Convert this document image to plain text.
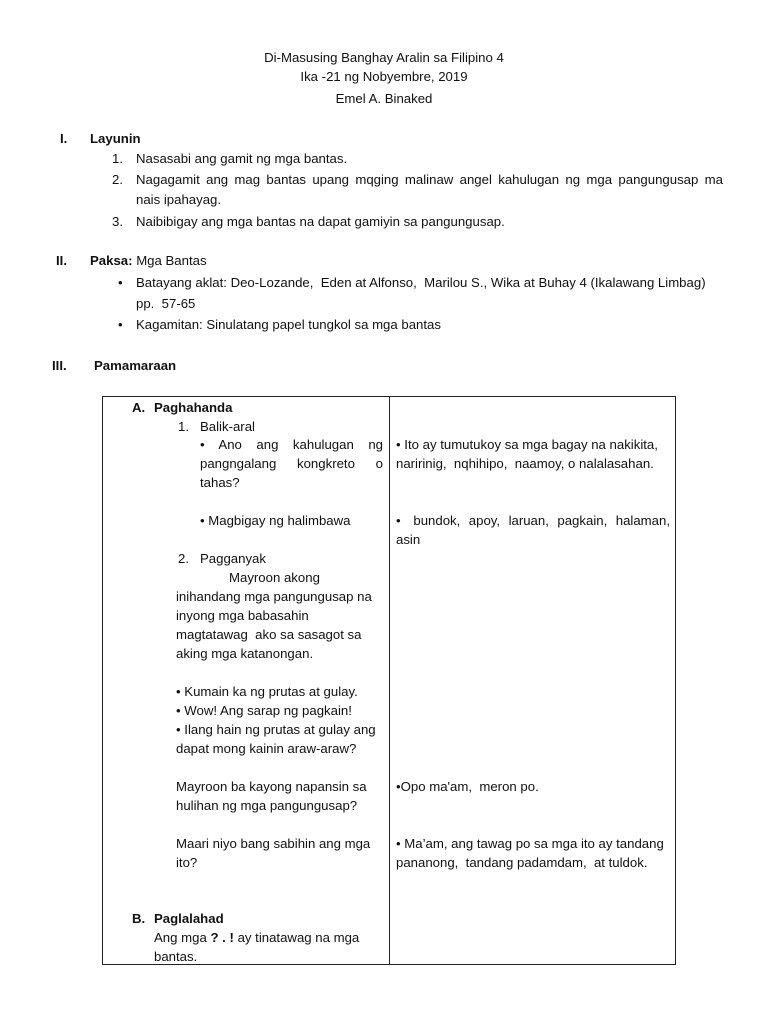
Di-Masusing Banghay Aralin sa Filipino 4
Ika -21 ng Nobyembre, 2019
Emel A. Binaked
I. Layunin
1. Nasasabi ang gamit ng mga bantas.
2. Nagagamit ang mag bantas upang mqging malinaw angel kahulugan ng mga pangungusap ma
nais ipahayag.
3. Naibibigay ang mga bantas na dapat gamiyin sa pangungusap.
II. Paksa: Mga Bantas
• Batayang aklat: Deo-Lozande,  Eden at Alfonso,  Marilou S., Wika at Buhay 4 (Ikalawang Limbag)
pp.  57-65
• Kagamitan: Sinulatang papel tungkol sa mga bantas
III. Pamamaraan
A. Paghahanda
1. Balik-aral
•  Ano  ang  kahulugan  ng
pangngalang   kongkreto   o
tahas?
• Ito ay tumutukoy sa mga bagay na nakikita,
naririnig,  nqhihipo,  naamoy, o nalalasahan.
• Magbigay ng halimbawa	•   bundok,  apoy,  laruan,  pagkain,  halaman,
asin
2. Pagganyak
Mayroon akong
inihandang mga pangungusap na
inyong mga babasahin
magtatawag  ako sa sasagot sa
aking mga katanongan.
• Kumain ka ng prutas at gulay.
• Wow! Ang sarap ng pagkain!
• Ilang hain ng prutas at gulay ang
dapat mong kainin araw-araw?
Mayroon ba kayong napansin sa
hulihan ng mga pangungusap?
•Opo ma'am,  meron po.
Maari niyo bang sabihin ang mga
ito?
• Ma’am, ang tawag po sa mga ito ay tandang
pananong,  tandang padamdam,  at tuldok.
B. Paglalahad
Ang mga ? . ! ay tinatawag na mga
bantas.
